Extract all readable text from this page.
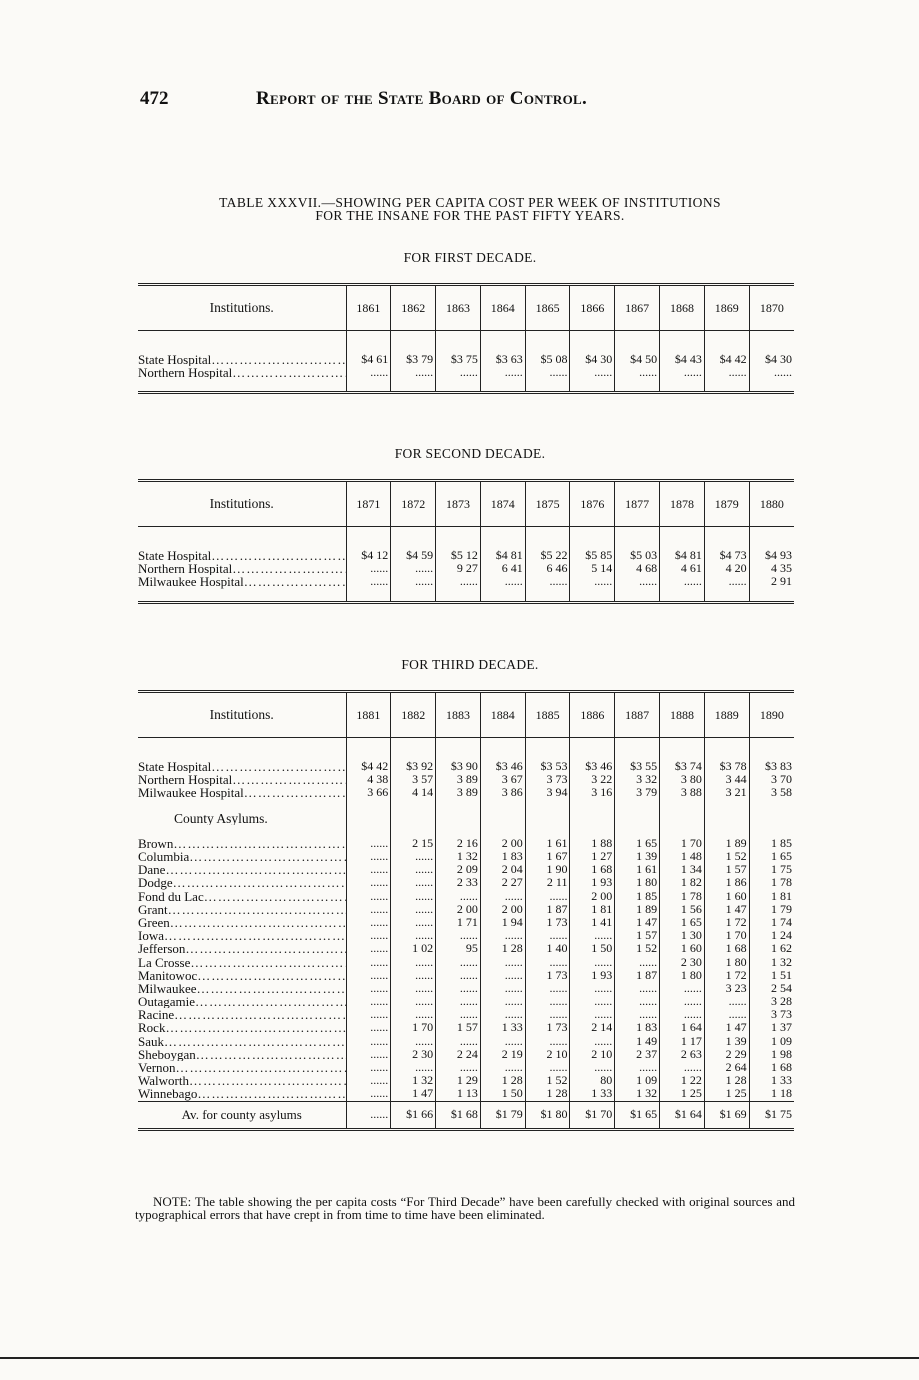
472	Report of the State Board of Control.
TABLE XXXVII.—SHOWING PER CAPITA COST PER WEEK OF INSTITUTIONS
FOR THE INSANE FOR THE PAST FIFTY YEARS.
FOR FIRST DECADE.
Institutions.	1861	1862	1863	1864	1865	1866	1867	1868	1869	1870

State Hospital ……………………………………………	$4 61	$3 79	$3 75	$3 63	$5 08	$4 30	$4 50	$4 43	$4 42	$4 30
Northern Hospital ……………………………………………	......	......	......	......	......	......	......	......	......	......

FOR SECOND DECADE.
Institutions.	1871	1872	1873	1874	1875	1876	1877	1878	1879	1880

State Hospital ……………………………………………	$4 12	$4 59	$5 12	$4 81	$5 22	$5 85	$5 03	$4 81	$4 73	$4 93
Northern Hospital ……………………………………………	......	......	9 27	6 41	6 46	5 14	4 68	4 61	4 20	4 35
Milwaukee Hospital ……………………………………………	......	......	......	......	......	......	......	......	......	2 91

FOR THIRD DECADE.
Institutions.	1881	1882	1883	1884	1885	1886	1887	1888	1889	1890

State Hospital ……………………………………………	$4 42	$3 92	$3 90	$3 46	$3 53	$3 46	$3 55	$3 74	$3 78	$3 83
Northern Hospital ……………………………………………	4 38	3 57	3 89	3 67	3 73	3 22	3 32	3 80	3 44	3 70
Milwaukee Hospital ……………………………………………	3 66	4 14	3 89	3 86	3 94	3 16	3 79	3 88	3 21	3 58

County Asylums.										

Brown ……………………………………………	......	2 15	2 16	2 00	1 61	1 88	1 65	1 70	1 89	1 85
Columbia ……………………………………………	......	......	1 32	1 83	1 67	1 27	1 39	1 48	1 52	1 65
Dane ……………………………………………	......	......	2 09	2 04	1 90	1 68	1 61	1 34	1 57	1 75
Dodge ……………………………………………	......	......	2 33	2 27	2 11	1 93	1 80	1 82	1 86	1 78
Fond du Lac ……………………………………………	......	......	......	......	......	2 00	1 85	1 78	1 60	1 81
Grant ……………………………………………	......	......	2 00	2 00	1 87	1 81	1 89	1 56	1 47	1 79
Green ……………………………………………	......	......	1 71	1 94	1 73	1 41	1 47	1 65	1 72	1 74
Iowa ……………………………………………	......	......	......	......	......	......	1 57	1 30	1 70	1 24
Jefferson ……………………………………………	......	1 02	95	1 28	1 40	1 50	1 52	1 60	1 68	1 62
La Crosse ……………………………………………	......	......	......	......	......	......	......	2 30	1 80	1 32
Manitowoc ……………………………………………	......	......	......	......	1 73	1 93	1 87	1 80	1 72	1 51
Milwaukee ……………………………………………	......	......	......	......	......	......	......	......	3 23	2 54
Outagamie ……………………………………………	......	......	......	......	......	......	......	......	......	3 28
Racine ……………………………………………	......	......	......	......	......	......	......	......	......	3 73
Rock ……………………………………………	......	1 70	1 57	1 33	1 73	2 14	1 83	1 64	1 47	1 37
Sauk ……………………………………………	......	......	......	......	......	......	1 49	1 17	1 39	1 09
Sheboygan ……………………………………………	......	2 30	2 24	2 19	2 10	2 10	2 37	2 63	2 29	1 98
Vernon ……………………………………………	......	......	......	......	......	......	......	......	2 64	1 68
Walworth ……………………………………………	......	1 32	1 29	1 28	1 52	80	1 09	1 22	1 28	1 33
Winnebago ……………………………………………	......	1 47	1 13	1 50	1 28	1 33	1 32	1 25	1 25	1 18
Av. for county asylums	......	$1 66	$1 68	$1 79	$1 80	$1 70	$1 65	$1 64	$1 69	$1 75

NOTE: The table showing the per capita costs “For Third Decade” have been carefully checked with original sources and typographical errors that have crept in from time to time have been eliminated.
